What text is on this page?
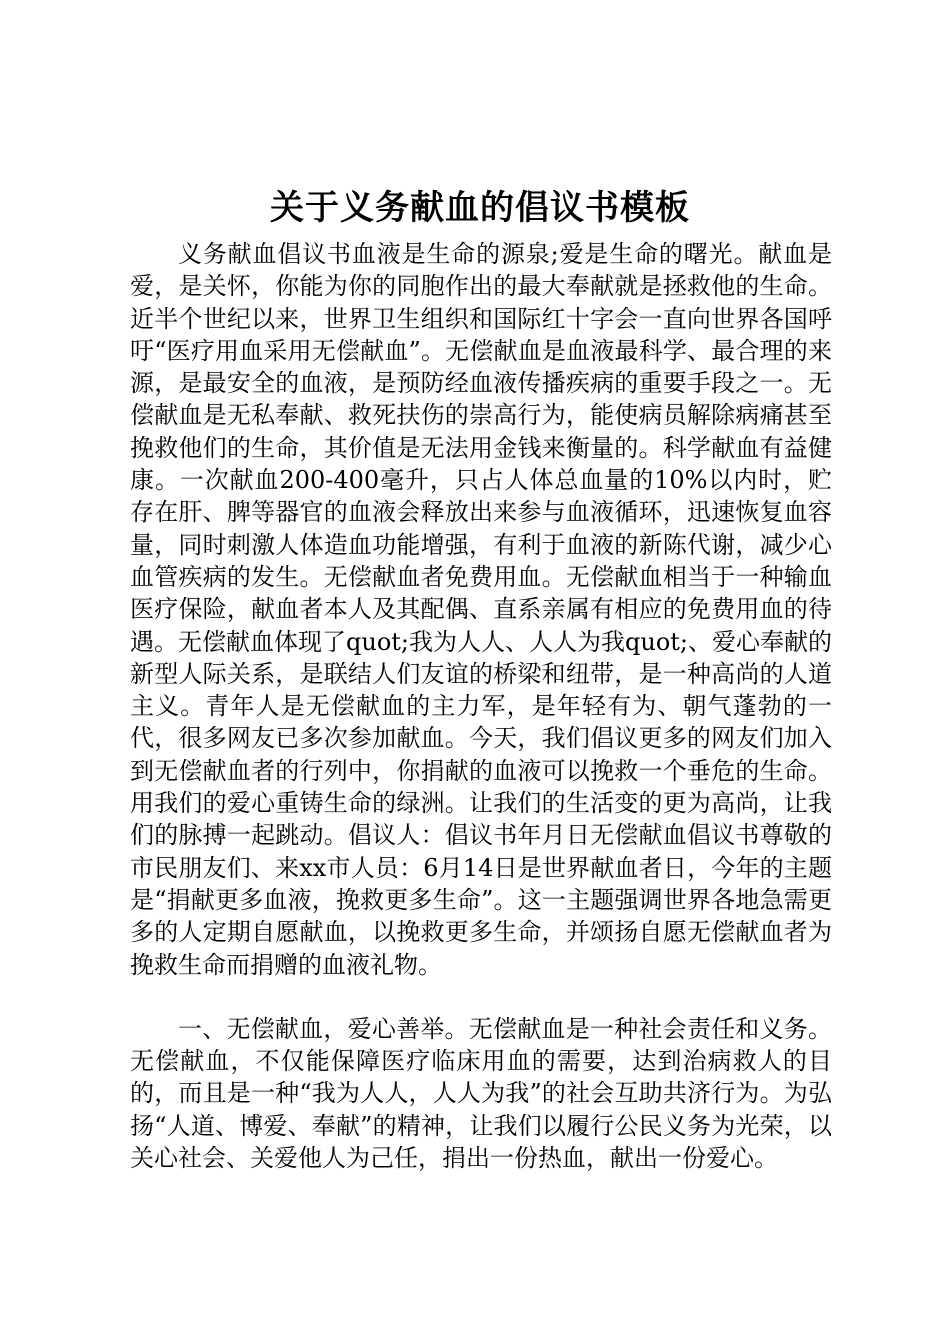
关于义务献血的倡议书模板

义务献血倡议书血液是生命的源泉;爱是生命的曙光。献血是爱，是关怀，你能为你的同胞作出的最大奉献就是拯救他的生命。近半个世纪以来，世界卫生组织和国际红十字会一直向世界各国呼吁“医疗用血采用无偿献血”。无偿献血是血液最科学、最合理的来源，是最安全的血液，是预防经血液传播疾病的重要手段之一。无偿献血是无私奉献、救死扶伤的崇高行为，能使病员解除病痛甚至挽救他们的生命，其价值是无法用金钱来衡量的。科学献血有益健康。一次献血200-400毫升，只占人体总血量的10%以内时，贮存在肝、脾等器官的血液会释放出来参与血液循环，迅速恢复血容量，同时刺激人体造血功能增强，有利于血液的新陈代谢，减少心血管疾病的发生。无偿献血者免费用血。无偿献血相当于一种输血医疗保险，献血者本人及其配偶、直系亲属有相应的免费用血的待遇。无偿献血体现了quot;我为人人、人人为我quot;、爱心奉献的新型人际关系，是联结人们友谊的桥梁和纽带，是一种高尚的人道主义。青年人是无偿献血的主力军，是年轻有为、朝气蓬勃的一代，很多网友已多次参加献血。今天，我们倡议更多的网友们加入到无偿献血者的行列中，你捐献的血液可以挽救一个垂危的生命。用我们的爱心重铸生命的绿洲。让我们的生活变的更为高尚，让我们的脉搏一起跳动。倡议人：倡议书年月日无偿献血倡议书尊敬的市民朋友们、来xx市人员：6月14日是世界献血者日，今年的主题是“捐献更多血液，挽救更多生命”。这一主题强调世界各地急需更多的人定期自愿献血，以挽救更多生命，并颂扬自愿无偿献血者为挽救生命而捐赠的血液礼物。

一、无偿献血，爱心善举。无偿献血是一种社会责任和义务。无偿献血，不仅能保障医疗临床用血的需要，达到治病救人的目的，而且是一种“我为人人，人人为我”的社会互助共济行为。为弘扬“人道、博爱、奉献”的精神，让我们以履行公民义务为光荣，以关心社会、关爱他人为己任，捐出一份热血，献出一份爱心。
